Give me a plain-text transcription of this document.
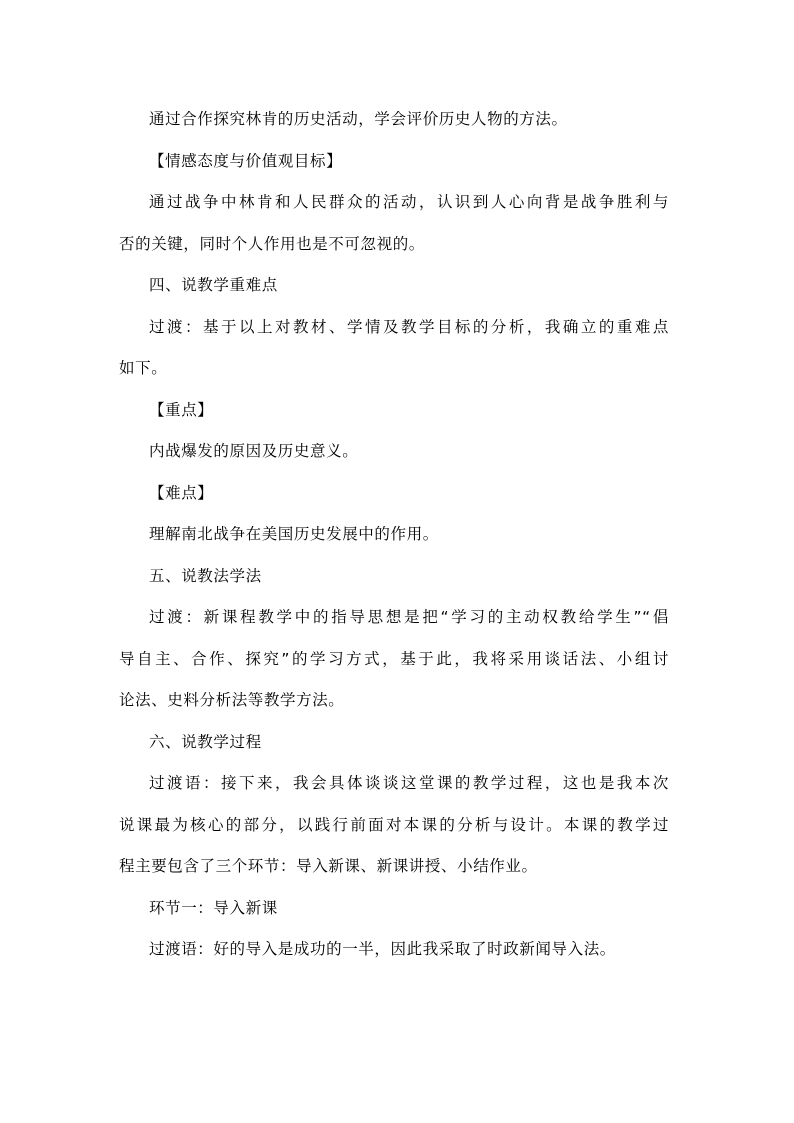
通过合作探究林肯的历史活动，学会评价历史人物的方法。
【情感态度与价值观目标】
通过战争中林肯和人民群众的活动，认识到人心向背是战争胜利与
否的关键，同时个人作用也是不可忽视的。
四、说教学重难点
过渡：基于以上对教材、学情及教学目标的分析，我确立的重难点
如下。
【重点】
内战爆发的原因及历史意义。
【难点】
理解南北战争在美国历史发展中的作用。
五、说教法学法
过渡：新课程教学中的指导思想是把“学习的主动权教给学生”“倡
导自主、合作、探究”的学习方式，基于此，我将采用谈话法、小组讨
论法、史料分析法等教学方法。
六、说教学过程
过渡语：接下来，我会具体谈谈这堂课的教学过程，这也是我本次
说课最为核心的部分，以践行前面对本课的分析与设计。本课的教学过
程主要包含了三个环节：导入新课、新课讲授、小结作业。
环节一：导入新课
过渡语：好的导入是成功的一半，因此我采取了时政新闻导入法。
